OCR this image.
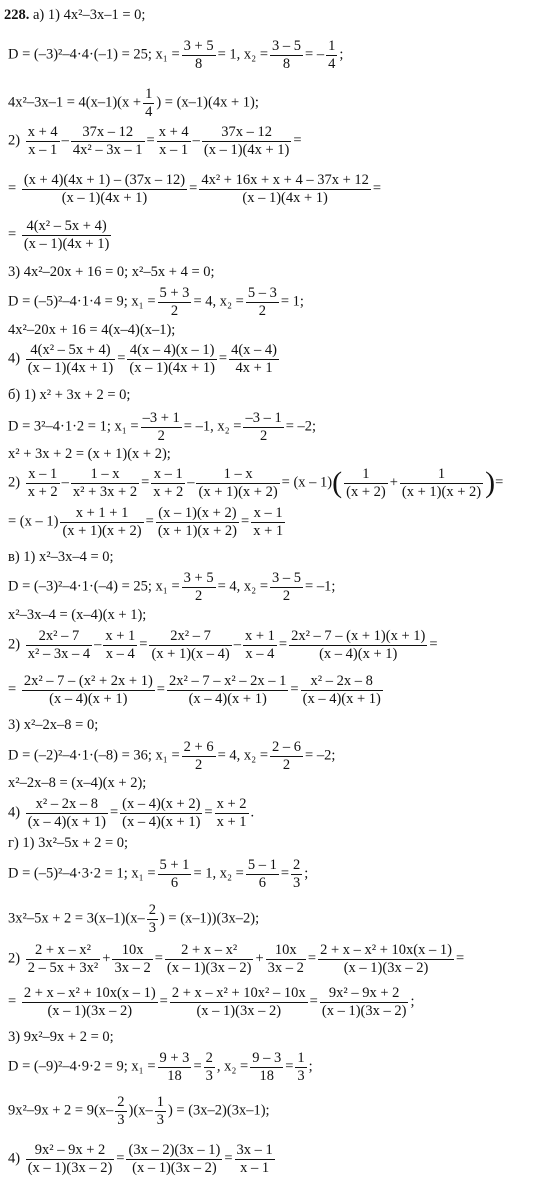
228. а) 1) 4x²–3x–1 = 0;
D = (–3)²–4·4·(–1) = 25; $x_1 = \frac{3 + 5}{8} = 1$, $x_2 = \frac{3 - 5}{8}$ = – $\frac{1}{4}$ ;
$4x^2-3x-1 = 4(x-1)(x + \frac{1}{4}$ ) = (x–1)(4x + 1);
$2) \frac{x + 4}{x - 1} - \frac{37x - 12}{\text{4x² – 3x – 1}} = \frac{x + 4}{x - 1} - \frac{37x - 12}{(x - 1)(4x + 1)}$ =
= $\frac{(x + 4)(4x + 1) - (37x - 12)}{(x - 1)(4x + 1)} = \frac{\text{4x² + 16x + x + 4 – 37x + 12}}{(x - 1)(4x + 1)}$ =
= $\frac{\text{4(x² – 5x + 4)}}{(x - 1)(4x + 1)}$
3) 4x²–20x + 16 = 0; x²–5x + 4 = 0;
D = (–5)²–4·1·4 = 9; $x_1 = \frac{5 + 3}{2} = 4$, $x_2 = \frac{5 - 3}{2} = 1$;
4x²–20x + 16 = 4(x–4)(x–1);
$4) \frac{\text{4(x² – 5x + 4)}}{(x - 1)(4x + 1)} = \frac{4(x - 4)(x - 1)}{(x - 1)(4x + 1)} = \frac{4(x - 4)}{4x + 1}$
б) 1) x² + 3x + 2 = 0;
D = 3²–4·1·2 = 1; $x_1 = \frac{-3 + 1}{2} = -1$, $x_2 = \frac{-3 - 1}{2} = -2$;
x² + 3x + 2 = (x + 1)(x + 2);
$2) \frac{x - 1}{x + 2} - \frac{1 - x}{\text{x² + 3x + 2}} = \frac{x - 1}{x + 2} - \frac{1 - x}{(x + 1)(x + 2)} = (x - 1)( \frac{1}{(x + 2)} + \frac{1}{(x + 1)(x + 2)}$ )=
= $(x - 1) \frac{x + 1 + 1}{(x + 1)(x + 2)} = \frac{(x - 1)(x + 2)}{(x + 1)(x + 2)} = \frac{x - 1}{x + 1}$
в) 1) x²–3x–4 = 0;
D = (–3)²–4·1·(–4) = 25; $x_1 = \frac{3 + 5}{2} = 4$, $x_2 = \frac{3 - 5}{2} = -1$;
x²–3x–4 = (x–4)(x + 1);
$2) \frac{\text{2x² – 7}}{\text{x² – 3x – 4}} - \frac{x + 1}{x - 4} = \frac{\text{2x² – 7}}{(x + 1)(x - 4)} - \frac{x + 1}{x - 4} = \frac{\text{2x² – 7 – (x + 1)(x + 1)}}{(x - 4)(x + 1)}$ =
= $\frac{\text{2x² – 7 – (x² + 2x + 1)}}{(x - 4)(x + 1)} = \frac{\text{2x² – 7 – x² – 2x – 1}}{(x - 4)(x + 1)} = \frac{\text{x² – 2x – 8}}{(x - 4)(x + 1)}$
3) x²–2x–8 = 0;
D = (–2)²–4·1·(–8) = 36; $x_1 = \frac{2 + 6}{2} = 4$, $x_2 = \frac{2 - 6}{2} = -2$;
x²–2x–8 = (x–4)(x + 2);
$4) \frac{\text{x² – 2x – 8}}{(x - 4)(x + 1)} = \frac{(x - 4)(x + 2)}{(x - 4)(x + 1)} = \frac{x + 2}{x + 1}$ .
г) 1) 3x²–5x + 2 = 0;
D = (–5)²–4·3·2 = 1; $x_1 = \frac{5 + 1}{6} = 1$, $x_2 = \frac{5 - 1}{6} = \frac{2}{3}$ ;
$3x^2-5x + 2 = 3(x-1)(x- \frac{2}{3}$ ) = (x–1))(3x–2);
$2) \frac{\text{2 + x – x²}}{\text{2 – 5x + 3x²}} + \frac{10x}{3x - 2} = \frac{\text{2 + x – x²}}{(x - 1)(3x - 2)} + \frac{10x}{3x - 2} = \frac{\text{2 + x – x² + 10x(x – 1)}}{(x - 1)(3x - 2)}$ =
= $\frac{\text{2 + x – x² + 10x(x – 1)}}{(x - 1)(3x - 2)} = \frac{\text{2 + x – x² + 10x² – 10x}}{(x - 1)(3x - 2)} = \frac{\text{9x² – 9x + 2}}{(x - 1)(3x - 2)}$ ;
3) 9x²–9x + 2 = 0;
D = (–9)²–4·9·2 = 9; $x_1 = \frac{9 + 3}{18} = \frac{2}{3}$ , $x_2 = \frac{9 - 3}{18} = \frac{1}{3}$ ;
$9x^2-9x + 2 = 9(x- \frac{2}{3} )(x- \frac{1}{3}$ ) = (3x–2)(3x–1);
$4) \frac{\text{9x² – 9x + 2}}{(x - 1)(3x - 2)} = \frac{(3x - 2)(3x - 1)}{(x - 1)(3x - 2)} = \frac{3x - 1}{x - 1}$
